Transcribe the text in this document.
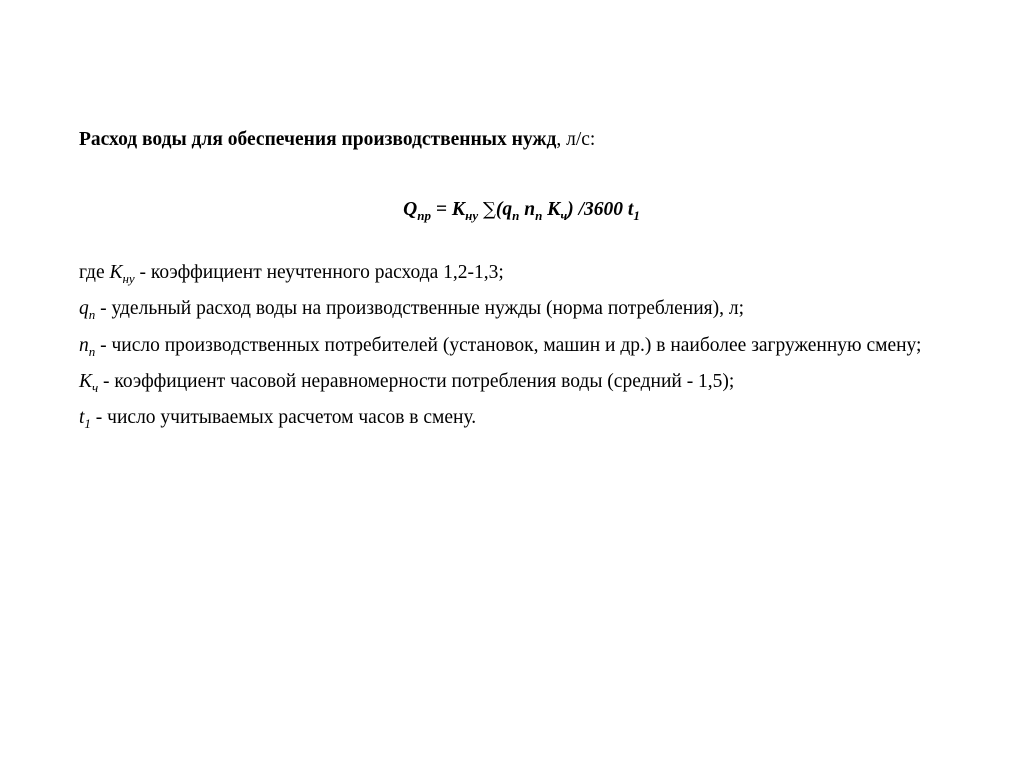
Расход воды для обеспечения производственных нужд, л/с:
$Q_{пр} = К_{ну}$ $\sum(q_п$ $n_п$ $К_ч$) /3600 $t_1$

где $К_{ну}$ - коэффициент неучтенного расхода 1,2-1,3;

$q_п$ - удельный расход воды на производственные нужды (норма потребления), л;

$n_п$ - число производственных потребителей (установок, машин и др.) в наиболее загруженную смену;

$К_ч$ - коэффициент часовой неравномерности потребления воды (средний - 1,5);

$t_1$ - число учитываемых расчетом часов в смену.
